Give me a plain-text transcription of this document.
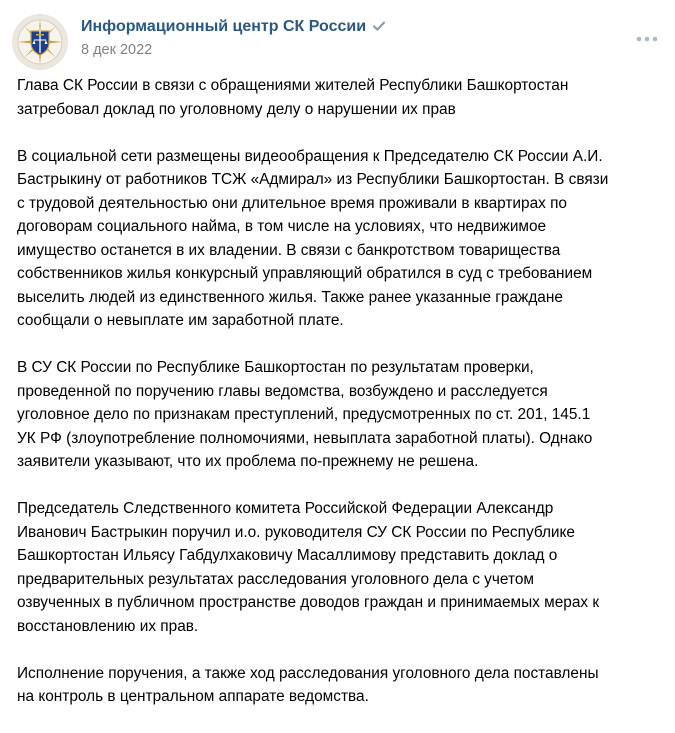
Информационный центр СК России
8 дек 2022

Глава СК России в связи с обращениями жителей Республики Башкортостан
затребовал доклад по уголовному делу о нарушении их прав

В социальной сети размещены видеообращения к Председателю СК России А.И.
Бастрыкину от работников ТСЖ «Адмирал» из Республики Башкортостан. В связи
с трудовой деятельностью они длительное время проживали в квартирах по
договорам социального найма, в том числе на условиях, что недвижимое
имущество останется в их владении. В связи с банкротством товарищества
собственников жилья конкурсный управляющий обратился в суд с требованием
выселить людей из единственного жилья. Также ранее указанные граждане
сообщали о невыплате им заработной плате.

В СУ СК России по Республике Башкортостан по результатам проверки,
проведенной по поручению главы ведомства, возбуждено и расследуется
уголовное дело по признакам преступлений, предусмотренных по ст. 201, 145.1
УК РФ (злоупотребление полномочиями, невыплата заработной платы). Однако
заявители указывают, что их проблема по-прежнему не решена.

Председатель Следственного комитета Российской Федерации Александр
Иванович Бастрыкин поручил и.о. руководителя СУ СК России по Республике
Башкортостан Ильясу Габдулхаковичу Масаллимову представить доклад о
предварительных результатах расследования уголовного дела с учетом
озвученных в публичном пространстве доводов граждан и принимаемых мерах к
восстановлению их прав.

Исполнение поручения, а также ход расследования уголовного дела поставлены
на контроль в центральном аппарате ведомства.
